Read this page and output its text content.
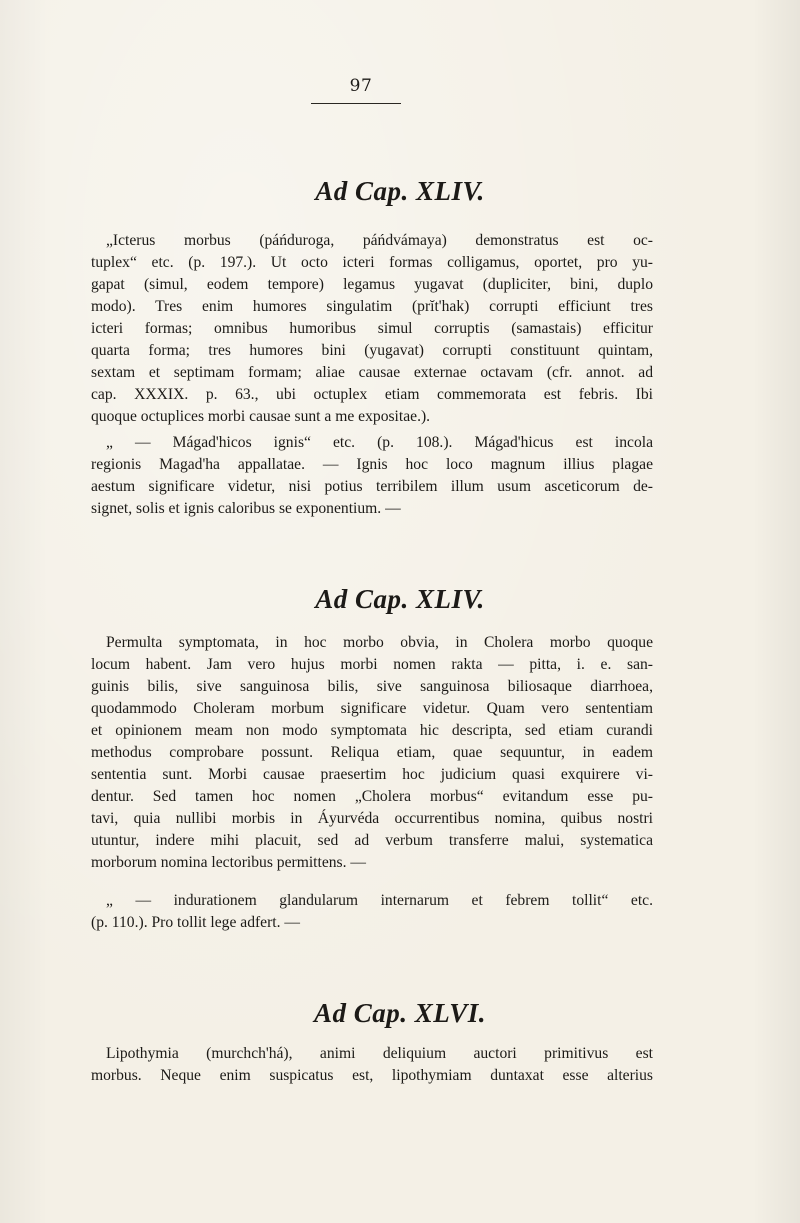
97
Ad Cap. XLIV.
„Icterus morbus (páńduroga, páńdvámaya) demonstratus est oc-
tuplex“ etc. (p. 197.). Ut octo icteri formas colligamus, oportet, pro yu-
gapat (simul, eodem tempore) legamus yugavat (dupliciter, bini, duplo
modo). Tres enim humores singulatim (prĭt'hak) corrupti efficiunt tres
icteri formas; omnibus humoribus simul corruptis (samastais) efficitur
quarta forma; tres humores bini (yugavat) corrupti constituunt quintam,
sextam et septimam formam; aliae causae externae octavam (cfr. annot. ad
cap. XXXIX. p. 63., ubi octuplex etiam commemorata est febris. Ibi
quoque octuplices morbi causae sunt a me expositae.).
„ — Mágad'hicos ignis“ etc. (p. 108.). Mágad'hicus est incola
regionis Magad'ha appallatae. — Ignis hoc loco magnum illius plagae
aestum significare videtur, nisi potius terribilem illum usum asceticorum de-
signet, solis et ignis caloribus se exponentium. —
Ad Cap. XLIV.
Permulta symptomata, in hoc morbo obvia, in Cholera morbo quoque
locum habent. Jam vero hujus morbi nomen rakta — pitta, i. e. san-
guinis bilis, sive sanguinosa bilis, sive sanguinosa biliosaque diarrhoea,
quodammodo Choleram morbum significare videtur. Quam vero sententiam
et opinionem meam non modo symptomata hic descripta, sed etiam curandi
methodus comprobare possunt. Reliqua etiam, quae sequuntur, in eadem
sententia sunt. Morbi causae praesertim hoc judicium quasi exquirere vi-
dentur. Sed tamen hoc nomen „Cholera morbus“ evitandum esse pu-
tavi, quia nullibi morbis in Áyurvéda occurrentibus nomina, quibus nostri
utuntur, indere mihi placuit, sed ad verbum transferre malui, systematica
morborum nomina lectoribus permittens. —
„ — indurationem glandularum internarum et febrem tollit“ etc.
(p. 110.). Pro tollit lege adfert. —
Ad Cap. XLVI.
Lipothymia (murchch'há), animi deliquium auctori primitivus est
morbus. Neque enim suspicatus est, lipothymiam duntaxat esse alterius
